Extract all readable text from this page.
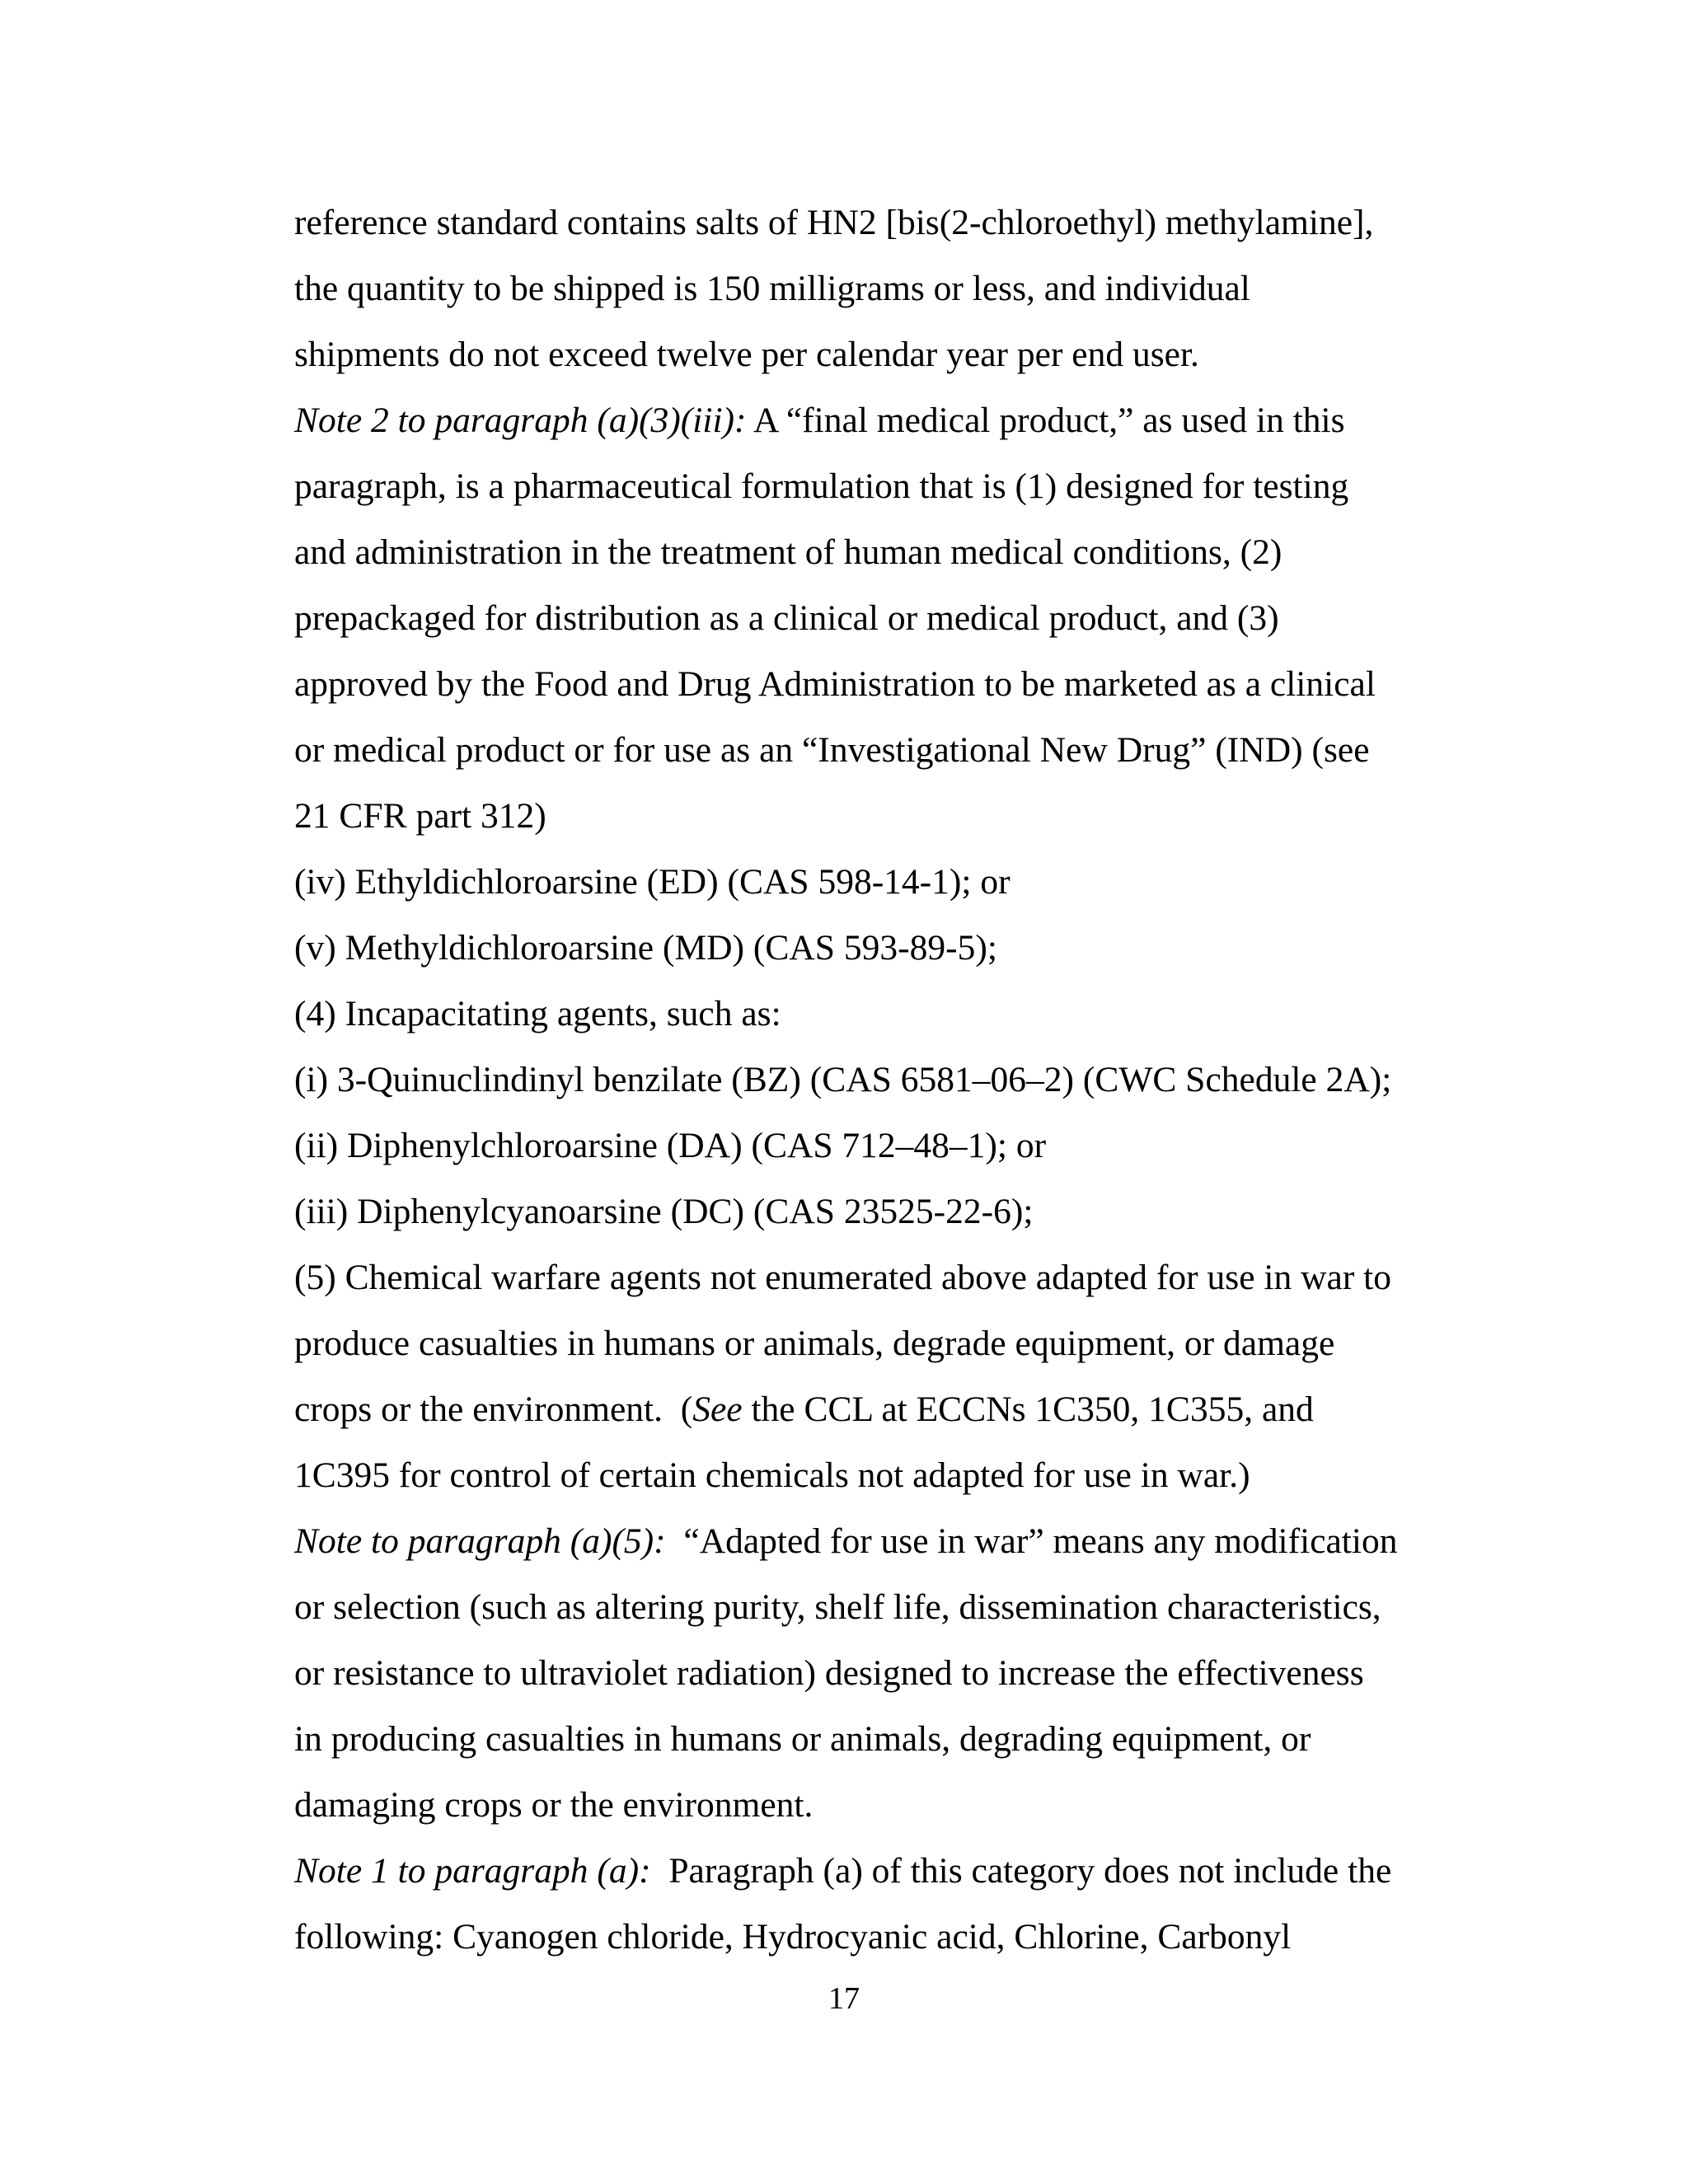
reference standard contains salts of HN2 [bis(2-chloroethyl) methylamine],
the quantity to be shipped is 150 milligrams or less, and individual
shipments do not exceed twelve per calendar year per end user.
Note 2 to paragraph (a)(3)(iii): A “final medical product,” as used in this
paragraph, is a pharmaceutical formulation that is (1) designed for testing
and administration in the treatment of human medical conditions, (2)
prepackaged for distribution as a clinical or medical product, and (3)
approved by the Food and Drug Administration to be marketed as a clinical
or medical product or for use as an “Investigational New Drug” (IND) (see
21 CFR part 312)
(iv) Ethyldichloroarsine (ED) (CAS 598-14-1); or
(v) Methyldichloroarsine (MD) (CAS 593-89-5);
(4) Incapacitating agents, such as:
(i) 3-Quinuclindinyl benzilate (BZ) (CAS 6581–06–2) (CWC Schedule 2A);
(ii) Diphenylchloroarsine (DA) (CAS 712–48–1); or
(iii) Diphenylcyanoarsine (DC) (CAS 23525-22-6);
(5) Chemical warfare agents not enumerated above adapted for use in war to
produce casualties in humans or animals, degrade equipment, or damage
crops or the environment.  (See the CCL at ECCNs 1C350, 1C355, and
1C395 for control of certain chemicals not adapted for use in war.)
Note to paragraph (a)(5):  “Adapted for use in war” means any modification
or selection (such as altering purity, shelf life, dissemination characteristics,
or resistance to ultraviolet radiation) designed to increase the effectiveness
in producing casualties in humans or animals, degrading equipment, or
damaging crops or the environment.
Note 1 to paragraph (a):  Paragraph (a) of this category does not include the
following: Cyanogen chloride, Hydrocyanic acid, Chlorine, Carbonyl
17
